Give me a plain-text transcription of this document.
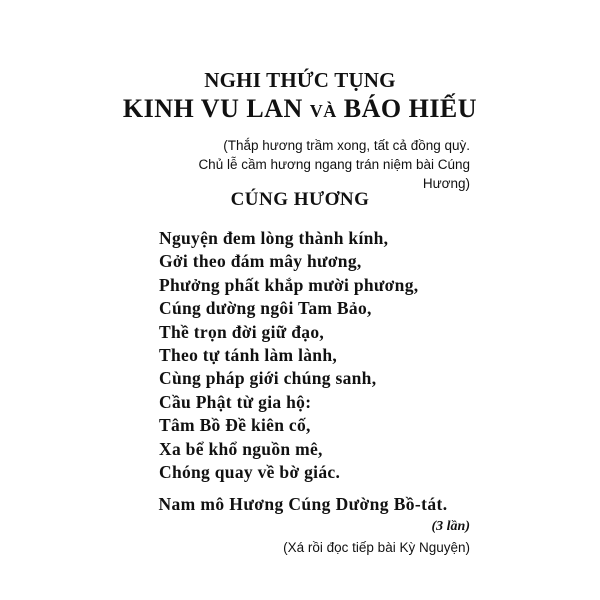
NGHI THỨC TỤNG
KINH VU LAN VÀ BÁO HIẾU
(Thắp hương trầm xong, tất cả đồng quỳ.
Chủ lễ cầm hương ngang trán niệm bài Cúng Hương)
CÚNG HƯƠNG
Nguyện đem lòng thành kính,
Gởi theo đám mây hương,
Phưởng phất khắp mười phương,
Cúng dường ngôi Tam Bảo,
Thề trọn đời giữ đạo,
Theo tự tánh làm lành,
Cùng pháp giới chúng sanh,
Cầu Phật từ gia hộ:
Tâm Bồ Đề kiên cố,
Xa bể khổ nguồn mê,
Chóng quay về bờ giác.
Nam mô Hương Cúng Dường Bồ-tát.
(3 lần)
(Xá rồi đọc tiếp bài Kỳ Nguyện)
